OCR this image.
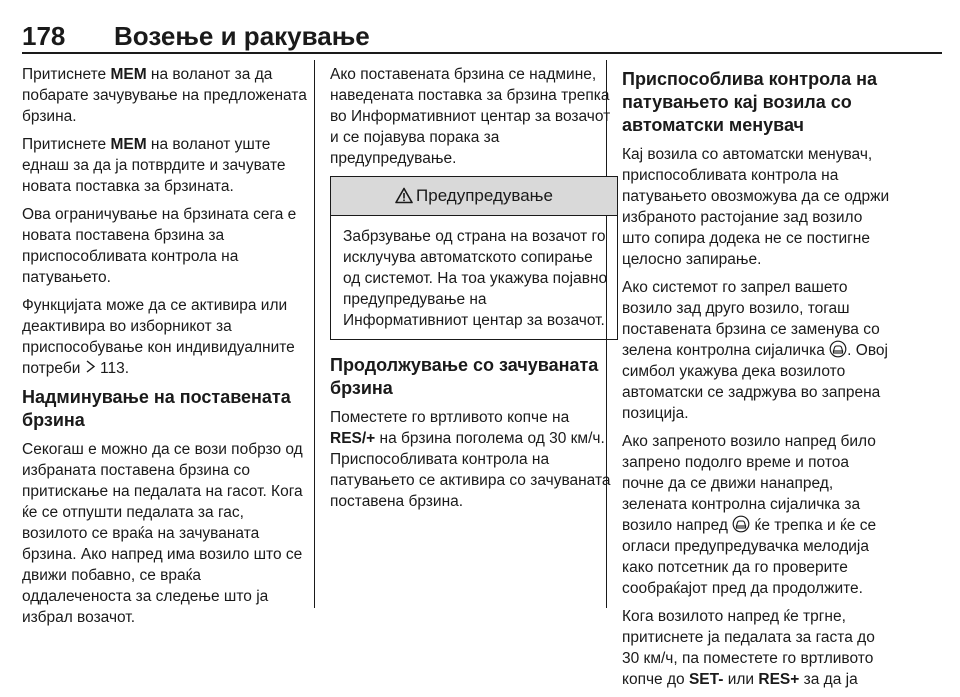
178 Возење и ракување

Притиснете MEM на воланот за да побарате зачувување на предложената брзина.

Притиснете MEM на воланот уште еднаш за да ја потврдите и зачувате новата поставка за брзината.

Ова ограничување на брзината сега е новата поставена брзина за приспособливата контрола на патувањето.

Функцијата може да се активира или деактивира во изборникот за приспособување кон индивидуалните потреби  113.

Надминување на поставената брзина

Секогаш е можно да се вози побрзо од избраната поставена брзина со притискање на педалата на гасот. Кога ќе се отпушти педалата за гас, возилото се враќа на зачуваната брзина. Ако напред има возило што се движи побавно, се враќа оддалеченоста за следење што ја избрал возачот.

Ако поставената брзина се надмине, наведената поставка за брзина трепка во Информативниот центар за возачот и се појавува порака за предупредување.

Предупредување
Забрзување од страна на возачот го исклучува автоматското сопирање од системот. На тоа укажува појавно предупредување на Информативниот центар за возачот.
Продолжување со зачуваната брзина

Поместете го вртливото копче на RES/+ на брзина поголема од 30 км/ч. Приспособливата контрола на патувањето се активира со зачуваната поставена брзина.

Приспособлива контрола на патувањето кај возила со автоматски менувач

Кај возила со автоматски менувач, приспособливата контрола на патувањето овозможува да се одржи избраното растојание зад возило што сопира додека не се постигне целосно запирање.

Ако системот го запрел вашето возило зад друго возило, тогаш поставената брзина се заменува со зелена контролна сијаличка . Овој симбол укажува дека возилото автоматски се задржува во запрена позиција.

Ако запреното возило напред било запрено подолго време и потоа почне да се движи нанапред, зелената контролна сијаличка за возило напред  ќе трепка и ќе се огласи предупредувачка мелодија како потсетник да го проверите сообраќајот пред да продолжите.

Кога возилото напред ќе тргне, притиснете ја педалата за гаста до 30 км/ч, па поместете го вртливото копче до SET- или RES+ за да ја
